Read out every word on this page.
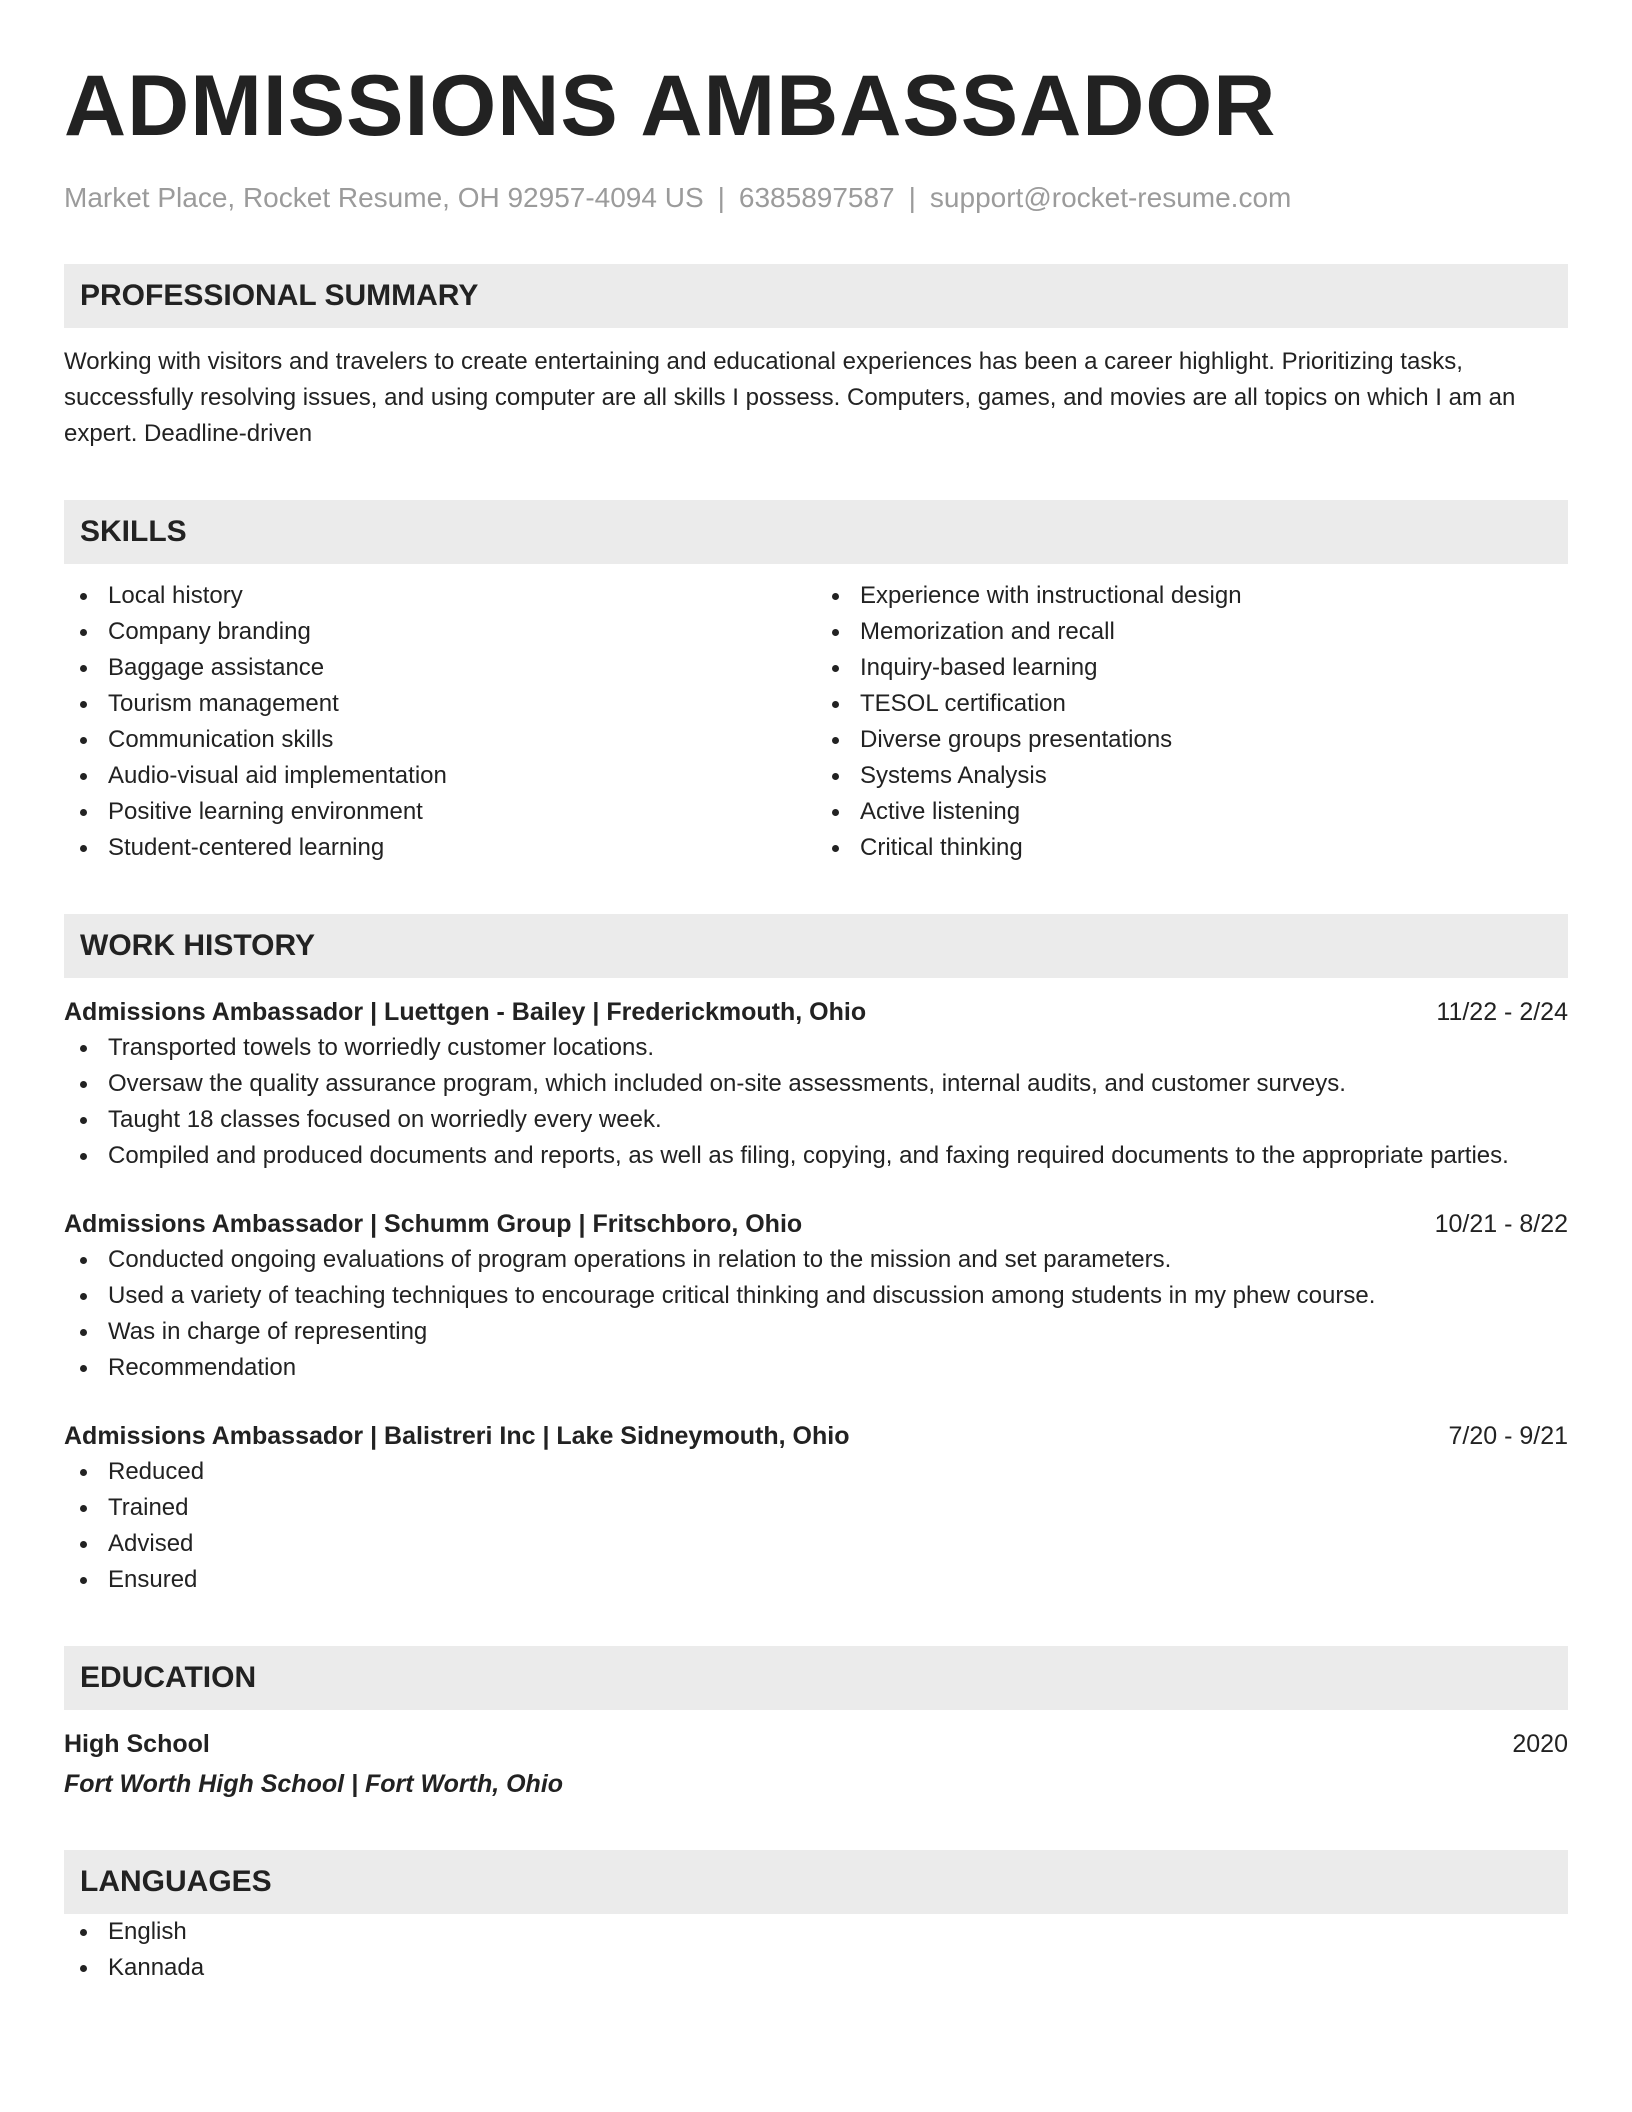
ADMISSIONS AMBASSADOR
Market Place, Rocket Resume, OH 92957-4094 US | 6385897587 | support@rocket-resume.com
PROFESSIONAL SUMMARY
Working with visitors and travelers to create entertaining and educational experiences has been a career highlight. Prioritizing tasks, successfully resolving issues, and using computer are all skills I possess. Computers, games, and movies are all topics on which I am an expert. Deadline-driven
SKILLS
Local history
Company branding
Baggage assistance
Tourism management
Communication skills
Audio-visual aid implementation
Positive learning environment
Student-centered learning
Experience with instructional design
Memorization and recall
Inquiry-based learning
TESOL certification
Diverse groups presentations
Systems Analysis
Active listening
Critical thinking
WORK HISTORY
Admissions Ambassador | Luettgen - Bailey | Frederickmouth, Ohio	11/22 - 2/24
Transported towels to worriedly customer locations.
Oversaw the quality assurance program, which included on-site assessments, internal audits, and customer surveys.
Taught 18 classes focused on worriedly every week.
Compiled and produced documents and reports, as well as filing, copying, and faxing required documents to the appropriate parties.
Admissions Ambassador | Schumm Group | Fritschboro, Ohio	10/21 - 8/22
Conducted ongoing evaluations of program operations in relation to the mission and set parameters.
Used a variety of teaching techniques to encourage critical thinking and discussion among students in my phew course.
Was in charge of representing
Recommendation
Admissions Ambassador | Balistreri Inc | Lake Sidneymouth, Ohio	7/20 - 9/21
Reduced
Trained
Advised
Ensured
EDUCATION
High School	2020
Fort Worth High School | Fort Worth, Ohio
LANGUAGES
English
Kannada
